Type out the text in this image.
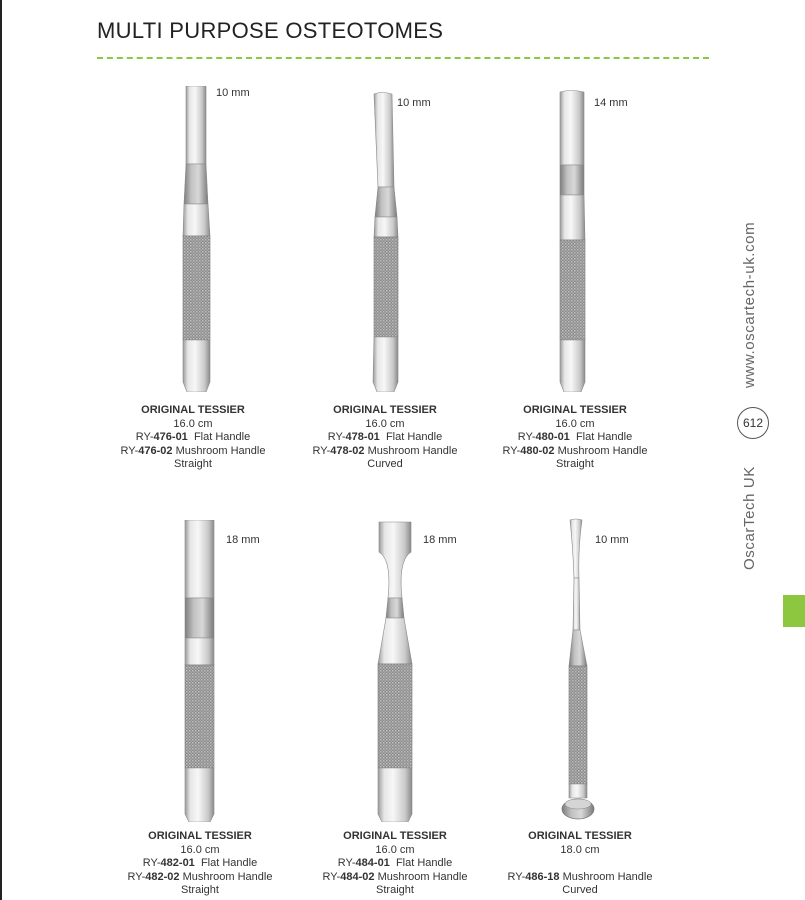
MULTI PURPOSE OSTEOTOMES
10 mm
ORIGINAL TESSIER
16.0 cm
RY-476-01 Flat Handle
RY-476-02 Mushroom Handle
Straight
10 mm
ORIGINAL TESSIER
16.0 cm
RY-478-01 Flat Handle
RY-478-02 Mushroom Handle
Curved
14 mm
ORIGINAL TESSIER
16.0 cm
RY-480-01 Flat Handle
RY-480-02 Mushroom Handle
Straight
18 mm
ORIGINAL TESSIER
16.0 cm
RY-482-01 Flat Handle
RY-482-02 Mushroom Handle
Straight
18 mm
ORIGINAL TESSIER
16.0 cm
RY-484-01 Flat Handle
RY-484-02 Mushroom Handle
Straight
10 mm
ORIGINAL TESSIER
18.0 cm
RY-486-18 Mushroom Handle
Curved
www.oscartech-uk.com
612
OscarTech UK
